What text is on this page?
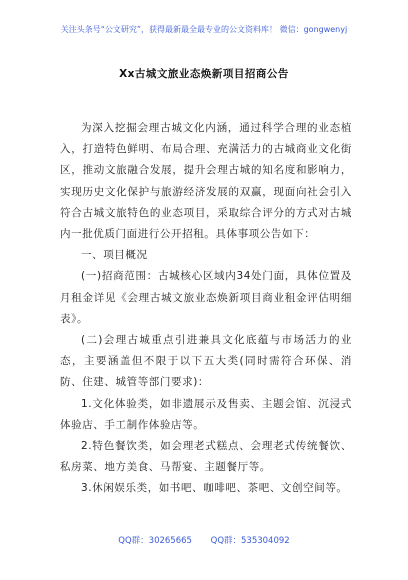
关注头条号“公文研究”，获得最新最全最专业的公文资料库！ 微信：gongwenyj
Xx古城文旅业态焕新项目招商公告

为深入挖掘会理古城文化内涵，通过科学合理的业态植入，打造特色鲜明、布局合理、充满活力的古城商业文化街区，推动文旅融合发展，提升会理古城的知名度和影响力，实现历史文化保护与旅游经济发展的双赢，现面向社会引入符合古城文旅特色的业态项目，采取综合评分的方式对古城内一批优质门面进行公开招租。具体事项公告如下：

一、项目概况

(一)招商范围：古城核心区域内34处门面，具体位置及月租金详见《会理古城文旅业态焕新项目商业租金评估明细表》。

(二)会理古城重点引进兼具文化底蕴与市场活力的业态，主要涵盖但不限于以下五大类(同时需符合环保、消防、住建、城管等部门要求)：

1.文化体验类，如非遗展示及售卖、主题会馆、沉浸式体验店、手工制作体验店等。

2.特色餐饮类，如会理老式糕点、会理老式传统餐饮、私房菜、地方美食、马帮宴、主题餐厅等。

3.休闲娱乐类，如书吧、咖啡吧、茶吧、文创空间等。

QQ群：30265665 QQ群：535304092
